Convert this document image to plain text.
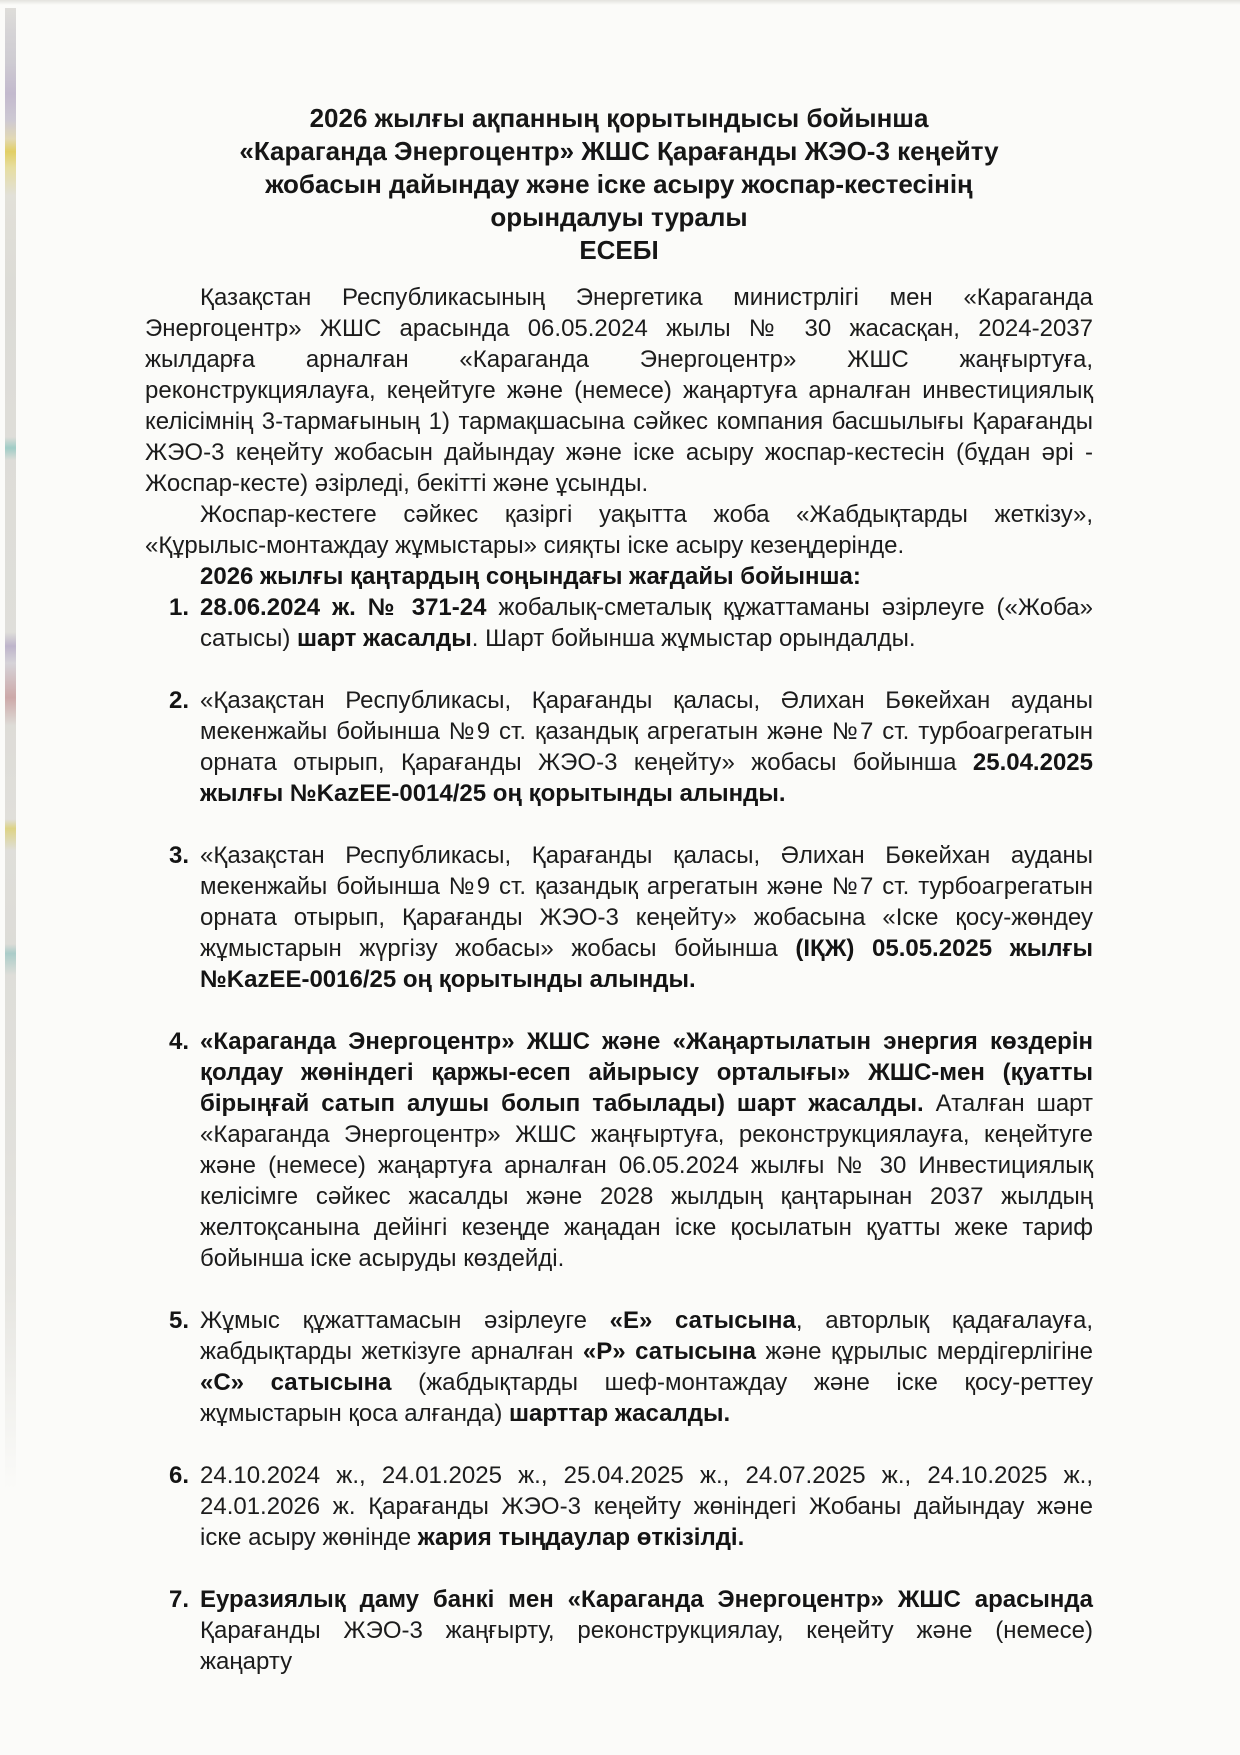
2026 жылғы ақпанның қорытындысы бойынша
«Караганда Энергоцентр» ЖШС Қарағанды ЖЭО-3 кеңейту
жобасын дайындау және іске асыру жоспар-кестесінің
орындалуы туралы
ЕСЕБІ

Қазақстан Республикасының Энергетика министрлігі мен «Караганда Энергоцентр» ЖШС арасында 06.05.2024 жылы № 30 жасасқан, 2024-2037 жылдарға арналған «Караганда Энергоцентр» ЖШС жаңғыртуға, реконструкциялауға, кеңейтуге және (немесе) жаңартуға арналған инвестициялық келісімнің 3-тармағының 1) тармақшасына сәйкес компания басшылығы Қарағанды ЖЭО-3 кеңейту жобасын дайындау және іске асыру жоспар-кестесін (бұдан әрі - Жоспар-кесте) әзірледі, бекітті және ұсынды.

Жоспар-кестеге сәйкес қазіргі уақытта жоба «Жабдықтарды жеткізу», «Құрылыс-монтаждау жұмыстары» сияқты іске асыру кезеңдерінде.

2026 жылғы қаңтардың соңындағы жағдайы бойынша:

1. 28.06.2024 ж. № 371-24 жобалық-сметалық құжаттаманы әзірлеуге («Жоба» сатысы) шарт жасалды. Шарт бойынша жұмыстар орындалды.
2. «Қазақстан Республикасы, Қарағанды қаласы, Әлихан Бөкейхан ауданы мекенжайы бойынша №9 ст. қазандық агрегатын және №7 ст. турбоагрегатын орната отырып, Қарағанды ЖЭО-3 кеңейту» жобасы бойынша 25.04.2025 жылғы №KazEE-0014/25 оң қорытынды алынды.
3. «Қазақстан Республикасы, Қарағанды қаласы, Әлихан Бөкейхан ауданы мекенжайы бойынша №9 ст. қазандық агрегатын және №7 ст. турбоагрегатын орната отырып, Қарағанды ЖЭО-3 кеңейту» жобасына «Іске қосу-жөндеу жұмыстарын жүргізу жобасы» жобасы бойынша (ІҚЖ) 05.05.2025 жылғы №KazEE-0016/25 оң қорытынды алынды.
4. «Караганда Энергоцентр» ЖШС және «Жаңартылатын энергия көздерін қолдау жөніндегі қаржы-есеп айырысу орталығы» ЖШС-мен (қуатты бірыңғай сатып алушы болып табылады) шарт жасалды. Аталған шарт «Караганда Энергоцентр» ЖШС жаңғыртуға, реконструкциялауға, кеңейтуге және (немесе) жаңартуға арналған 06.05.2024 жылғы № 30 Инвестициялық келісімге сәйкес жасалды және 2028 жылдың қаңтарынан 2037 жылдың желтоқсанына дейінгі кезеңде жаңадан іске қосылатын қуатты жеке тариф бойынша іске асыруды көздейді.
5. Жұмыс құжаттамасын әзірлеуге «Е» сатысына, авторлық қадағалауға, жабдықтарды жеткізуге арналған «Р» сатысына және құрылыс мердігерлігіне «С» сатысына (жабдықтарды шеф-монтаждау және іске қосу-реттеу жұмыстарын қоса алғанда) шарттар жасалды.
6. 24.10.2024 ж., 24.01.2025 ж., 25.04.2025 ж., 24.07.2025 ж., 24.10.2025 ж., 24.01.2026 ж. Қарағанды ЖЭО-3 кеңейту жөніндегі Жобаны дайындау және іске асыру жөнінде жария тыңдаулар өткізілді.
7. Еуразиялық даму банкі мен «Караганда Энергоцентр» ЖШС арасында Қарағанды ЖЭО-3 жаңғырту, реконструкциялау, кеңейту және (немесе) жаңарту
